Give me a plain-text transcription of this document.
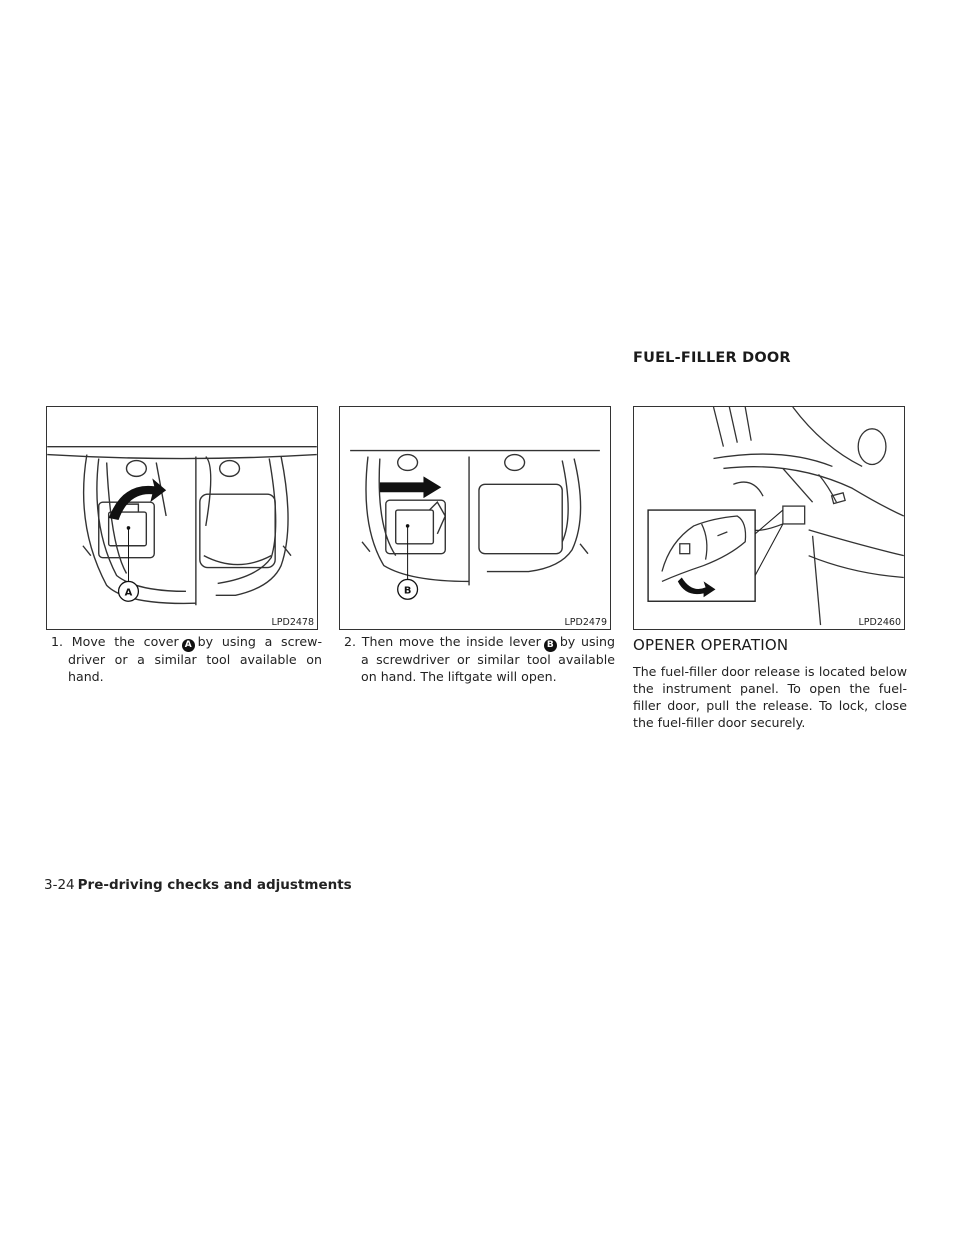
FUEL-FILLER DOOR
A
LPD2478
B
LPD2479	LPD2460
1. Move the cover A by using a screw-driver or a similar tool available on hand.
2. Then move the inside lever B by using a screwdriver or similar tool available on hand. The liftgate will open.
OPENER OPERATION
The fuel-filler door release is located below the instrument panel. To open the fuel-filler door, pull the release. To lock, close the fuel-filler door securely.
3-24 Pre-driving checks and adjustments
